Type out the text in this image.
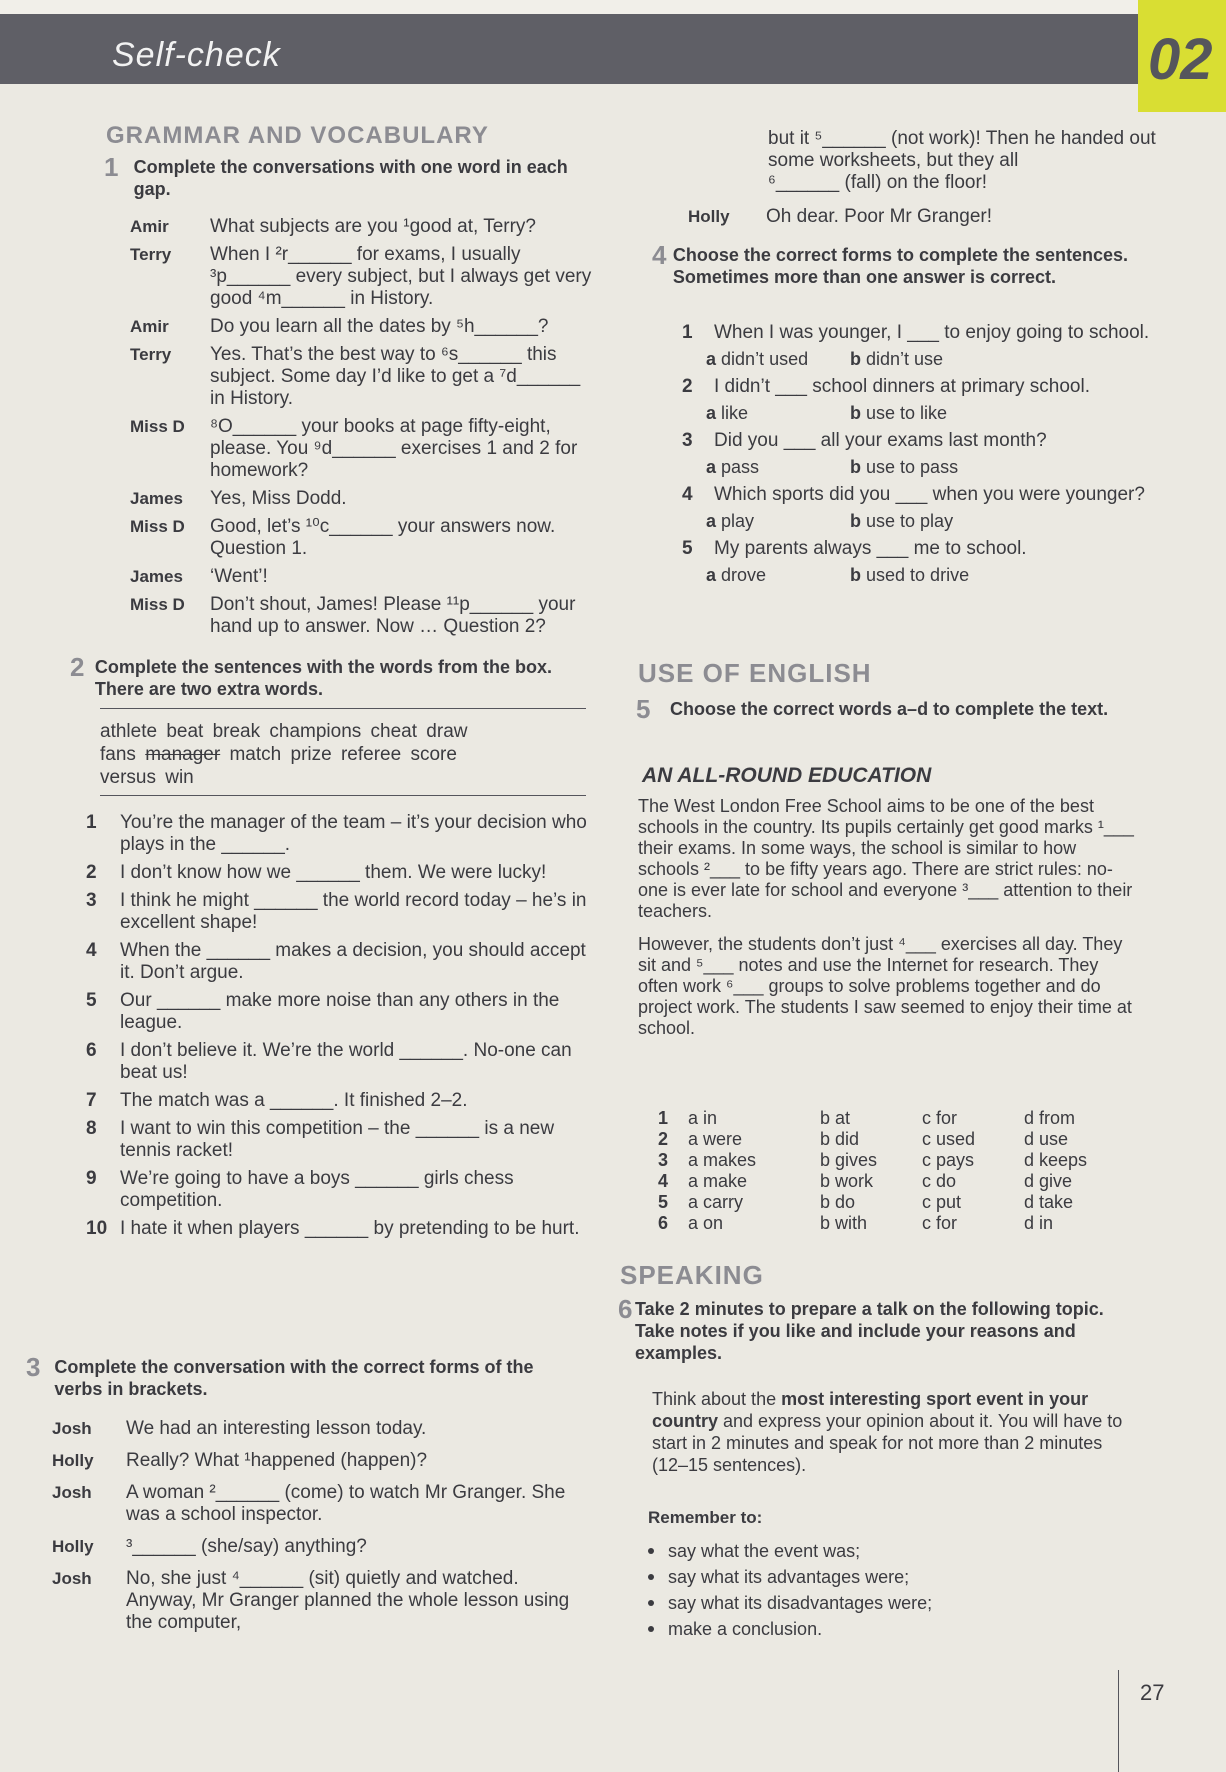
Self-check	02
GRAMMAR AND VOCABULARY
1 Complete the conversations with one word in each gap.
Amir	What subjects are you ¹good at, Terry?
Terry	When I ²r______ for exams, I usually ³p______ every subject, but I always get very good ⁴m______ in History.
Amir	Do you learn all the dates by ⁵h______?
Terry	Yes. That’s the best way to ⁶s______ this subject. Some day I’d like to get a ⁷d______ in History.
Miss D	⁸O______ your books at page fifty-eight, please. You ⁹d______ exercises 1 and 2 for homework?
James	Yes, Miss Dodd.
Miss D	Good, let’s ¹⁰c______ your answers now. Question 1.
James	‘Went’!
Miss D	Don’t shout, James! Please ¹¹p______ your hand up to answer. Now … Question 2?
2 Complete the sentences with the words from the box. There are two extra words.
athlete beat break champions cheat draw
fans manager match prize referee score
versus win
1	You’re the manager of the team – it’s your decision who plays in the ______.
2	I don’t know how we ______ them. We were lucky!
3	I think he might ______ the world record today – he’s in excellent shape!
4	When the ______ makes a decision, you should accept it. Don’t argue.
5	Our ______ make more noise than any others in the league.
6	I don’t believe it. We’re the world ______. No-one can beat us!
7	The match was a ______. It finished 2–2.
8	I want to win this competition – the ______ is a new tennis racket!
9	We’re going to have a boys ______ girls chess competition.
10 I hate it when players ______ by pretending to be hurt.
3 Complete the conversation with the correct forms of the verbs in brackets.
Josh	We had an interesting lesson today.
Holly	Really? What ¹happened (happen)?
Josh	A woman ²______ (come) to watch Mr Granger. She was a school inspector.
Holly	³______ (she/say) anything?
Josh	No, she just ⁴______ (sit) quietly and watched. Anyway, Mr Granger planned the whole lesson using the computer,
but it ⁵______ (not work)! Then he handed out some worksheets, but they all
⁶______ (fall) on the floor!
Holly	Oh dear. Poor Mr Granger!
4 Choose the correct forms to complete the sentences. Sometimes more than one answer is correct.
1	When I was younger, I ___ to enjoy going to school.
a didn’t used	b didn’t use
2	I didn’t ___ school dinners at primary school.
a like	b use to like
3	Did you ___ all your exams last month?
a pass	b use to pass
4	Which sports did you ___ when you were younger?
a play	b use to play
5	My parents always ___ me to school.
a drove	b used to drive
USE OF ENGLISH
5	Choose the correct words a–d to complete the text.
AN ALL-ROUND EDUCATION
The West London Free School aims to be one of the best schools in the country. Its pupils certainly get good marks ¹___ their exams. In some ways, the school is similar to how schools ²___ to be fifty years ago. There are strict rules: no-one is ever late for school and everyone ³___ attention to their teachers.
However, the students don’t just ⁴___ exercises all day. They sit and ⁵___ notes and use the Internet for research. They often work ⁶___ groups to solve problems together and do project work. The students I saw seemed to enjoy their time at school.
1	a in	b at	c for	d from
2	a were	b did	c used	d use
3	a makes	b gives	c pays	d keeps
4	a make	b work	c do	d give
5	a carry	b do	c put	d take
6	a on	b with	c for	d in
SPEAKING
6 Take 2 minutes to prepare a talk on the following topic. Take notes if you like and include your reasons and examples.
Think about the most interesting sport event in your country and express your opinion about it. You will have to start in 2 minutes and speak for not more than 2 minutes (12–15 sentences).
Remember to:
say what the event was;
say what its advantages were;
say what its disadvantages were;
make a conclusion.
27
